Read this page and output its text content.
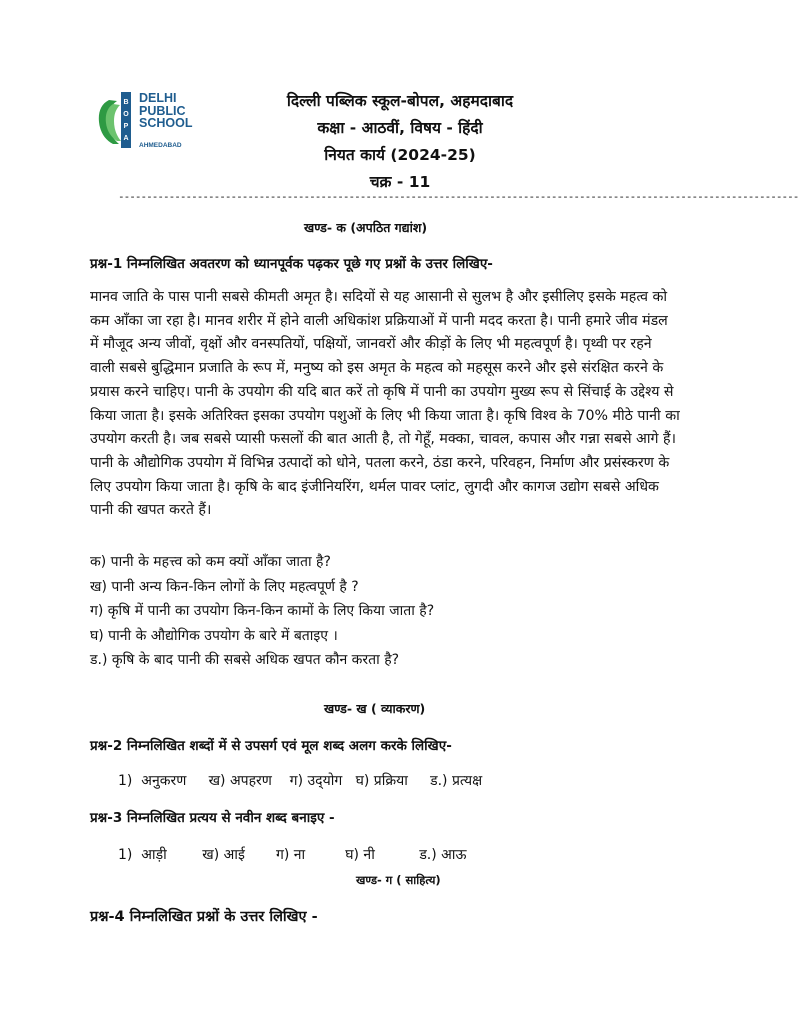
B
O
P
A
DELHI
PUBLIC
SCHOOL
AHMEDABAD
दिल्ली पब्लिक स्कूल-बोपल, अहमदाबाद
कक्षा - आठवीं, विषय - हिंदी
नियत कार्य (2024-25)
चक्र - 11
-------------------------------------------------------------------------------------------------------------------------
खण्ड- क (अपठित गद्यांश)
प्रश्न-1 निम्नलिखित अवतरण को ध्यानपूर्वक पढ़कर पूछे गए प्रश्नों के उत्तर लिखिए-
मानव जाति के पास पानी सबसे कीमती अमृत है। सदियों से यह आसानी से सुलभ है और इसीलिए इसके महत्व को कम आँका जा रहा है। मानव शरीर में होने वाली अधिकांश प्रक्रियाओं में पानी मदद करता है। पानी हमारे जीव मंडल में मौजूद अन्य जीवों, वृक्षों और वनस्पतियों, पक्षियों, जानवरों और कीड़ों के लिए भी महत्वपूर्ण है। पृथ्वी पर रहने वाली सबसे बुद्धिमान प्रजाति के रूप में, मनुष्य को इस अमृत के महत्व को महसूस करने और इसे संरक्षित करने के प्रयास करने चाहिए। पानी के उपयोग की यदि बात करें तो कृषि में पानी का उपयोग मुख्य रूप से सिंचाई के उद्देश्य से किया जाता है। इसके अतिरिक्त इसका उपयोग पशुओं के लिए भी किया जाता है। कृषि विश्व के 70% मीठे पानी का उपयोग करती है। जब सबसे प्यासी फसलों की बात आती है, तो गेहूँ, मक्का, चावल, कपास और गन्ना सबसे आगे हैं। पानी के औद्योगिक उपयोग में विभिन्न उत्पादों को धोने, पतला करने, ठंडा करने, परिवहन, निर्माण और प्रसंस्करण के लिए उपयोग किया जाता है। कृषि के बाद इंजीनियरिंग, थर्मल पावर प्लांट, लुगदी और कागज उद्योग सबसे अधिक पानी की खपत करते हैं।
क) पानी के महत्त्व को कम क्यों आँका जाता है?
ख) पानी अन्य किन-किन लोगों के लिए महत्वपूर्ण है ?
ग) कृषि में पानी का उपयोग किन-किन कामों के लिए किया जाता है?
घ) पानी के औद्योगिक उपयोग के बारे में बताइए ।
ड.) कृषि के बाद पानी की सबसे अधिक खपत कौन करता है?
खण्ड- ख ( व्याकरण)
प्रश्न-2 निम्नलिखित शब्दों में से उपसर्ग एवं मूल शब्द अलग करके लिखिए-
1)  अनुकरण     ख) अपहरण    ग) उद्‌योग   घ) प्रक्रिया     ड.) प्रत्यक्ष
प्रश्न-3 निम्नलिखित प्रत्यय से नवीन शब्द बनाइए -
1)  आड़ी        ख) आई       ग) ना         घ) नी          ड.) आऊ
खण्ड- ग ( साहित्य)
प्रश्न-4 निम्नलिखित प्रश्नों के उत्तर लिखिए -
